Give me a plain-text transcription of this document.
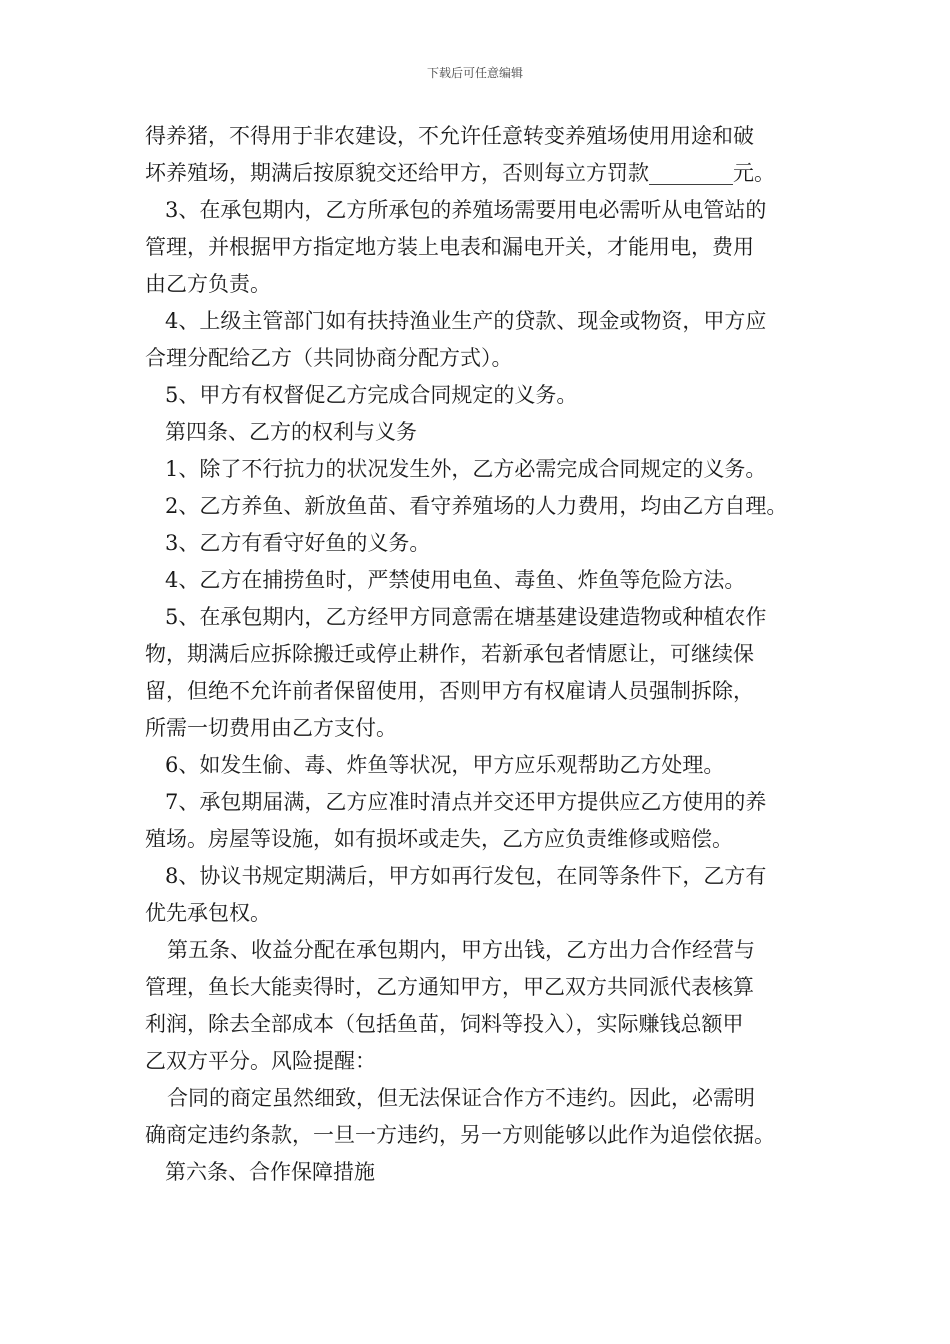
下载后可任意编辑

得养猪，不得用于非农建设，不允许任意转变养殖场使用用途和破
坏养殖场，期满后按原貌交还给甲方，否则每立方罚款________元。

3、在承包期内，乙方所承包的养殖场需要用电必需听从电管站的
管理，并根据甲方指定地方装上电表和漏电开关，才能用电，费用
由乙方负责。

4、上级主管部门如有扶持渔业生产的贷款、现金或物资，甲方应
合理分配给乙方（共同协商分配方式）。

5、甲方有权督促乙方完成合同规定的义务。

第四条、乙方的权利与义务

1、除了不行抗力的状况发生外，乙方必需完成合同规定的义务。

2、乙方养鱼、新放鱼苗、看守养殖场的人力费用，均由乙方自理。

3、乙方有看守好鱼的义务。

4、乙方在捕捞鱼时，严禁使用电鱼、毒鱼、炸鱼等危险方法。

5、在承包期内，乙方经甲方同意需在塘基建设建造物或种植农作
物，期满后应拆除搬迁或停止耕作，若新承包者情愿让，可继续保
留，但绝不允许前者保留使用，否则甲方有权雇请人员强制拆除，
所需一切费用由乙方支付。

6、如发生偷、毒、炸鱼等状况，甲方应乐观帮助乙方处理。

7、承包期届满，乙方应准时清点并交还甲方提供应乙方使用的养
殖场。房屋等设施，如有损坏或走失，乙方应负责维修或赔偿。

8、协议书规定期满后，甲方如再行发包，在同等条件下，乙方有
优先承包权。

第五条、收益分配在承包期内，甲方出钱，乙方出力合作经营与
管理，鱼长大能卖得时，乙方通知甲方，甲乙双方共同派代表核算
利润，除去全部成本（包括鱼苗，饲料等投入），实际赚钱总额甲
乙双方平分。风险提醒：

合同的商定虽然细致，但无法保证合作方不违约。因此，必需明
确商定违约条款，一旦一方违约，另一方则能够以此作为追偿依据。

第六条、合作保障措施
